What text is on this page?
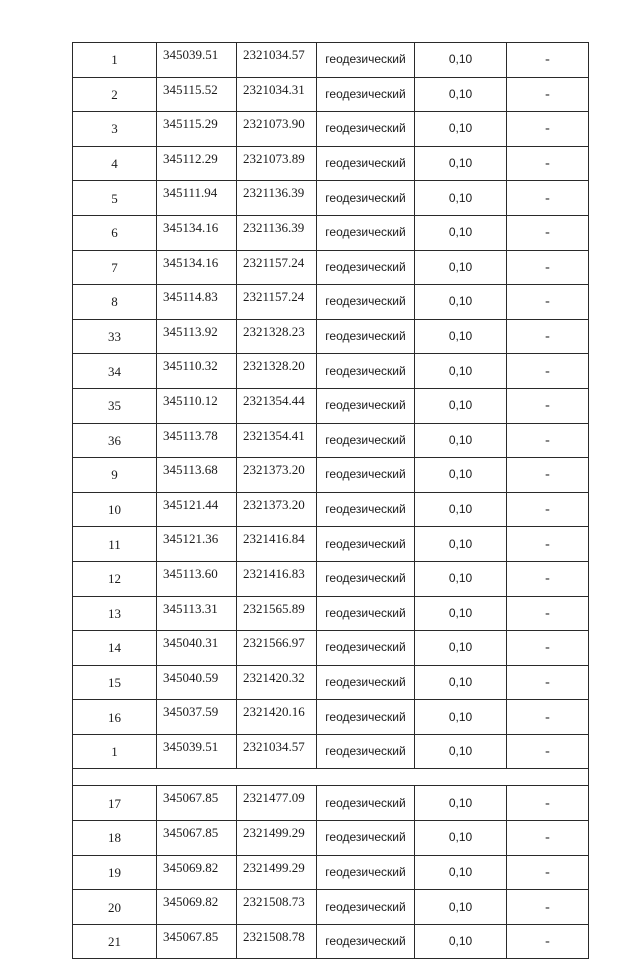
1	345039.51	2321034.57	геодезический	0,10	-
2	345115.52	2321034.31	геодезический	0,10	-
3	345115.29	2321073.90	геодезический	0,10	-
4	345112.29	2321073.89	геодезический	0,10	-
5	345111.94	2321136.39	геодезический	0,10	-
6	345134.16	2321136.39	геодезический	0,10	-
7	345134.16	2321157.24	геодезический	0,10	-
8	345114.83	2321157.24	геодезический	0,10	-
33	345113.92	2321328.23	геодезический	0,10	-
34	345110.32	2321328.20	геодезический	0,10	-
35	345110.12	2321354.44	геодезический	0,10	-
36	345113.78	2321354.41	геодезический	0,10	-
9	345113.68	2321373.20	геодезический	0,10	-
10	345121.44	2321373.20	геодезический	0,10	-
11	345121.36	2321416.84	геодезический	0,10	-
12	345113.60	2321416.83	геодезический	0,10	-
13	345113.31	2321565.89	геодезический	0,10	-
14	345040.31	2321566.97	геодезический	0,10	-
15	345040.59	2321420.32	геодезический	0,10	-
16	345037.59	2321420.16	геодезический	0,10	-
1	345039.51	2321034.57	геодезический	0,10	-

17	345067.85	2321477.09	геодезический	0,10	-
18	345067.85	2321499.29	геодезический	0,10	-
19	345069.82	2321499.29	геодезический	0,10	-
20	345069.82	2321508.73	геодезический	0,10	-
21	345067.85	2321508.78	геодезический	0,10	-
